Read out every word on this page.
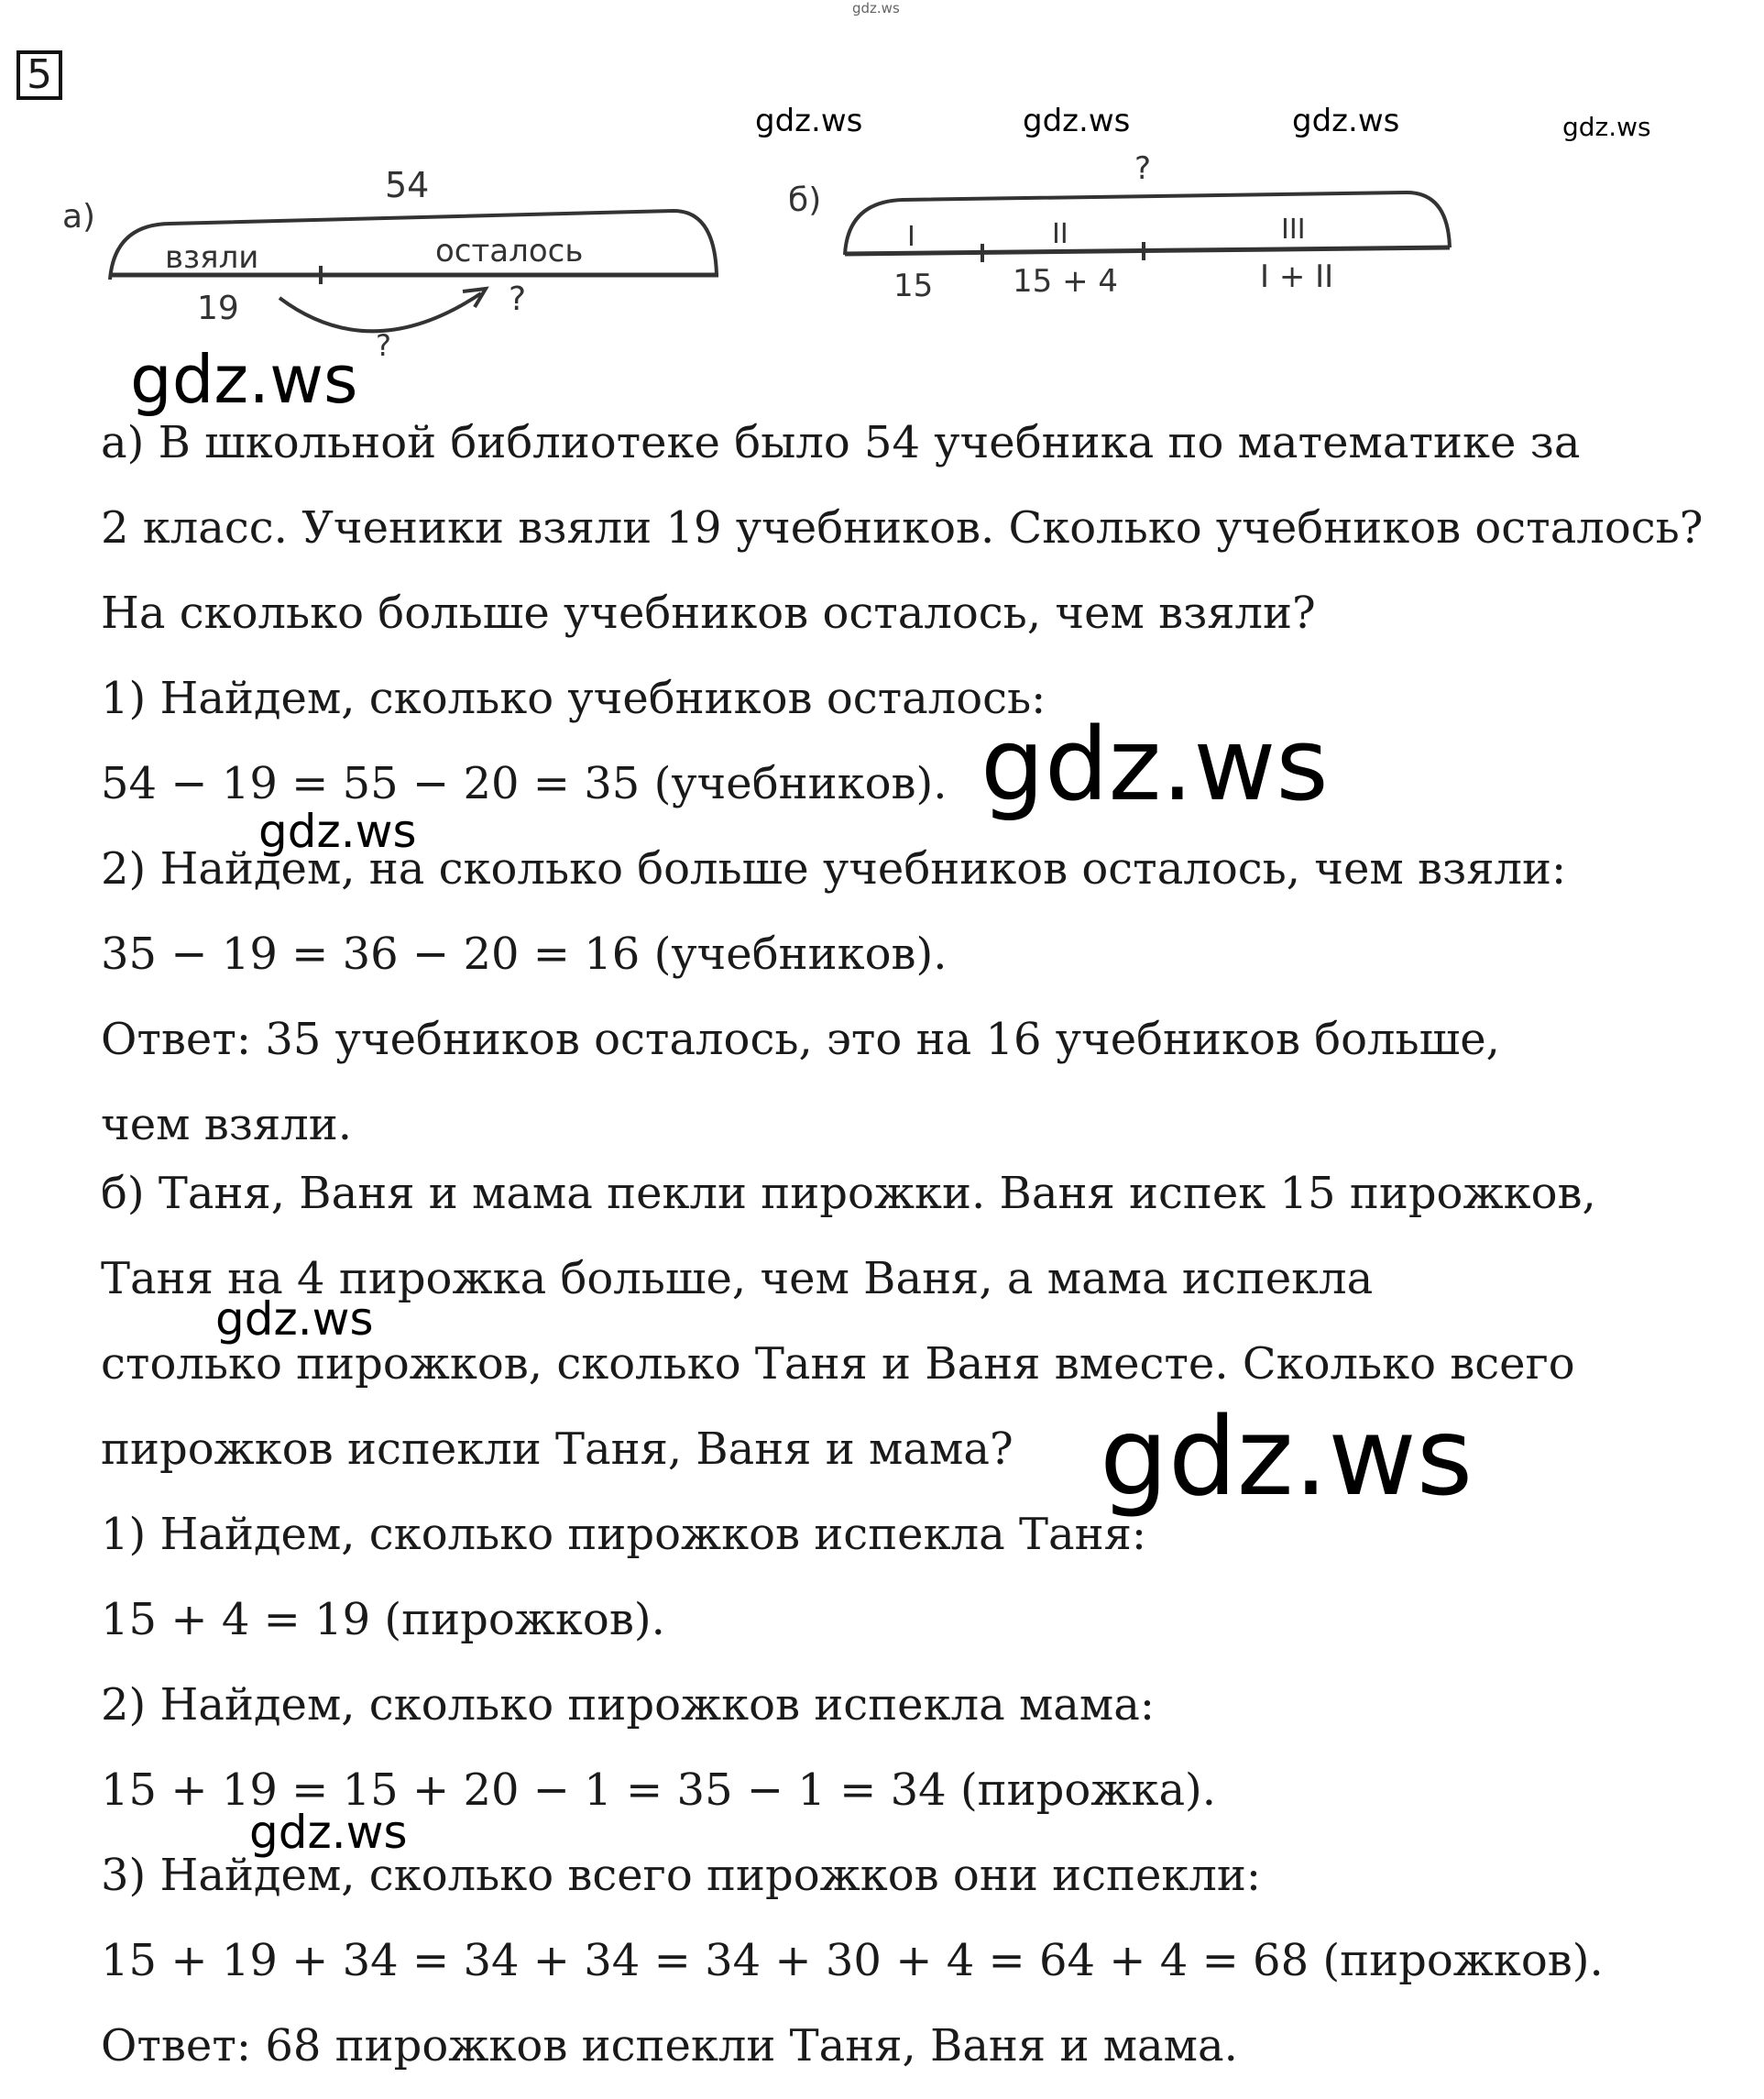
5
gdz.ws
gdz.ws	gdz.ws	gdz.ws	gdz.ws
gdz.ws
а)
54
взяли	осталось
19	?
?
б)
?
I	II	III
15	15 + 4	I + II
а) В школьной библиотеке было 54 учебника по математике за
2 класс. Ученики взяли 19 учебников. Сколько учебников осталось?
На сколько больше учебников осталось, чем взяли?
1) Найдем, сколько учебников осталось:
54 − 19 = 55 − 20 = 35 (учебников).
2) Найдем, на сколько больше учебников осталось, чем взяли:
35 − 19 = 36 − 20 = 16 (учебников).
Ответ: 35 учебников осталось, это на 16 учебников больше,
чем взяли.
б) Таня, Ваня и мама пекли пирожки. Ваня испек 15 пирожков,
Таня на 4 пирожка больше, чем Ваня, а мама испекла
столько пирожков, сколько Таня и Ваня вместе. Сколько всего
пирожков испекли Таня, Ваня и мама?
1) Найдем, сколько пирожков испекла Таня:
15 + 4 = 19 (пирожков).
2) Найдем, сколько пирожков испекла мама:
15 + 19 = 15 + 20 − 1 = 35 − 1 = 34 (пирожка).
3) Найдем, сколько всего пирожков они испекли:
15 + 19 + 34 = 34 + 34 = 34 + 30 + 4 = 64 + 4 = 68 (пирожков).
Ответ: 68 пирожков испекли Таня, Ваня и мама.
gdz.ws
gdz.ws
gdz.ws
gdz.ws
gdz.ws
